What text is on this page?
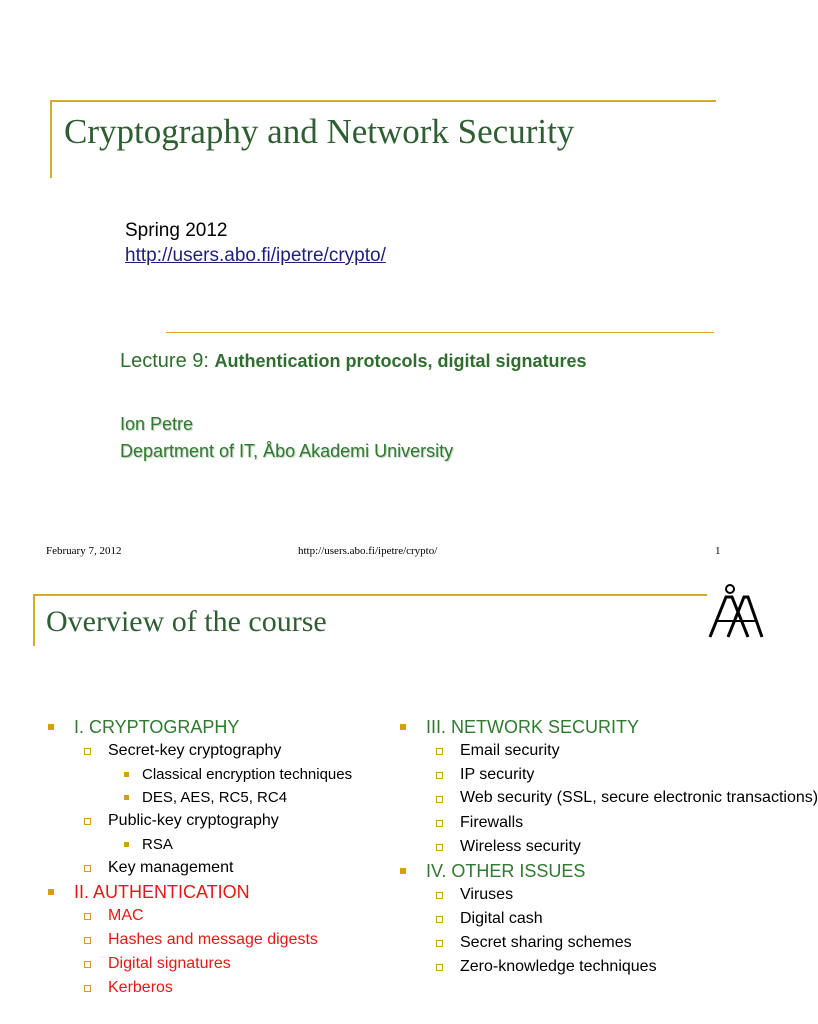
Cryptography and Network Security
Spring 2012
http://users.abo.fi/ipetre/crypto/
Lecture 9: Authentication protocols, digital signatures
Ion Petre
Department of IT, Åbo Akademi University
February 7, 2012	http://users.abo.fi/ipetre/crypto/	1
Overview of the course
I. CRYPTOGRAPHY
Secret-key cryptography
Classical encryption techniques
DES, AES, RC5, RC4
Public-key cryptography
RSA
Key management
II. AUTHENTICATION
MAC
Hashes and message digests
Digital signatures
Kerberos
III. NETWORK SECURITY
Email security
IP security
Web security (SSL, secure electronic transactions)
Firewalls
Wireless security
IV. OTHER ISSUES
Viruses
Digital cash
Secret sharing schemes
Zero-knowledge techniques
